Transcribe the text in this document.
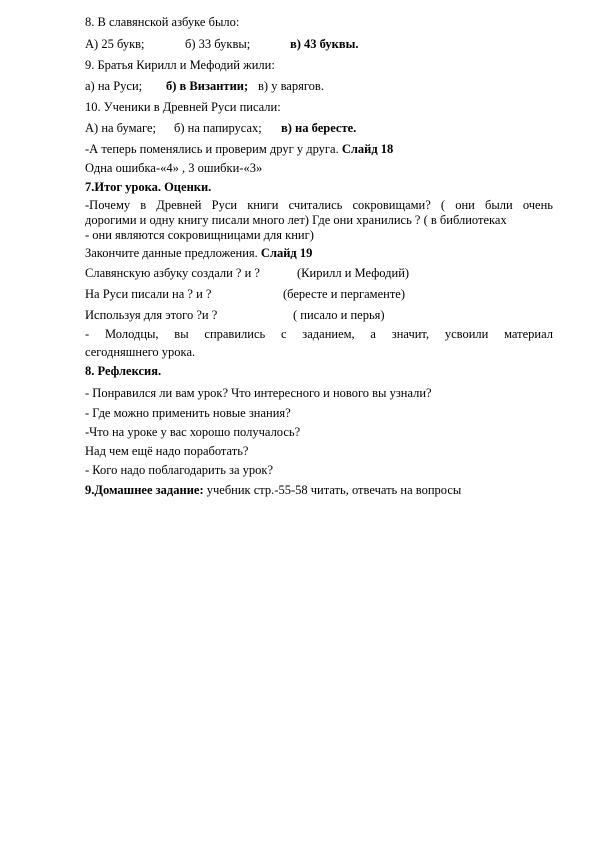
8. В славянской азбуке было:
А) 25 букв;	б) 33 буквы;	в) 43 буквы.
9. Братья Кирилл и Мефодий жили:
а) на Руси; б) в Византии; в) у варягов.
10. Ученики в Древней Руси писали:
А) на бумаге; б) на папирусах; в) на бересте.
-А теперь поменялись и проверим друг у друга. Слайд 18
Одна ошибка-«4» , 3 ошибки-«3»
7.Итог урока. Оценки.
-Почему в Древней Руси книги считались сокровищами? ( они были очень
дорогими и одну книгу писали много лет) Где они хранились ? ( в библиотеках
- они являются сокровищницами для книг)
Закончите данные предложения. Слайд 19
Славянскую азбуку создали ? и ?	(Кирилл и Мефодий)
На Руси писали на ? и ?	(бересте и пергаменте)
Используя для этого ?и ?	( писало и перья)
- Молодцы, вы справились с заданием, а значит, усвоили материал
сегодняшнего урока.
8. Рефлексия.
- Понравился ли вам урок? Что интересного и нового вы узнали?
- Где можно применить новые знания?
-Что на уроке у вас хорошо получалось?
Над чем ещё надо поработать?
- Кого надо поблагодарить за урок?
9.Домашнее задание: учебник стр.-55-58 читать, отвечать на вопросы
